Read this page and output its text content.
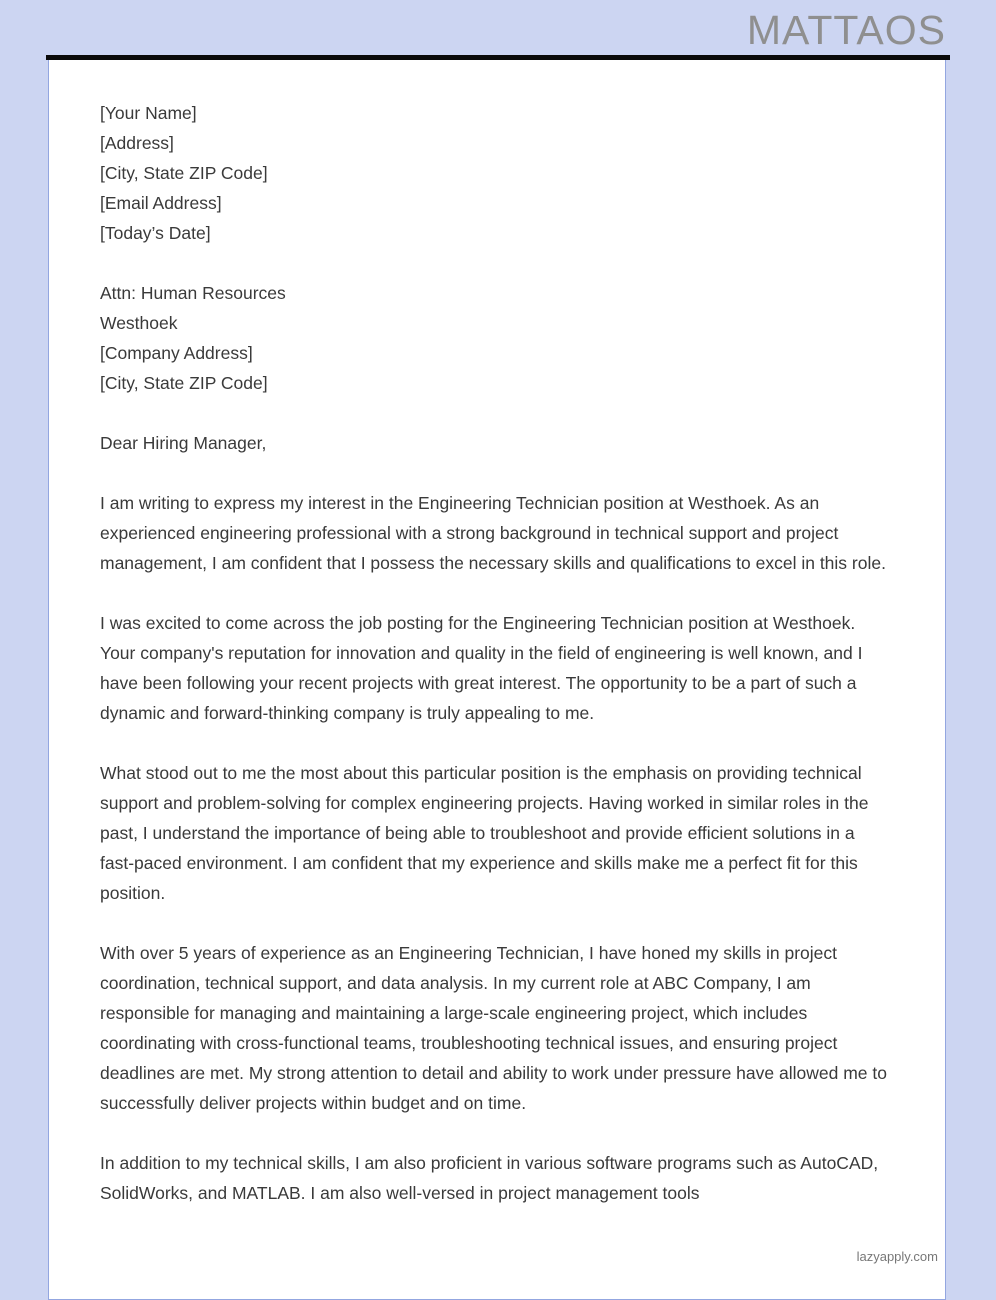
MATTAOS
[Your Name]
[Address]
[City, State ZIP Code]
[Email Address]
[Today’s Date]
Attn: Human Resources
Westhoek
[Company Address]
[City, State ZIP Code]
Dear Hiring Manager,

I am writing to express my interest in the Engineering Technician position at Westhoek. As an experienced engineering professional with a strong background in technical support and project management, I am confident that I possess the necessary skills and qualifications to excel in this role.

I was excited to come across the job posting for the Engineering Technician position at Westhoek. Your company's reputation for innovation and quality in the field of engineering is well known, and I have been following your recent projects with great interest. The opportunity to be a part of such a dynamic and forward-thinking company is truly appealing to me.

What stood out to me the most about this particular position is the emphasis on providing technical support and problem-solving for complex engineering projects. Having worked in similar roles in the past, I understand the importance of being able to troubleshoot and provide efficient solutions in a fast-paced environment. I am confident that my experience and skills make me a perfect fit for this position.

With over 5 years of experience as an Engineering Technician, I have honed my skills in project coordination, technical support, and data analysis. In my current role at ABC Company, I am responsible for managing and maintaining a large-scale engineering project, which includes coordinating with cross-functional teams, troubleshooting technical issues, and ensuring project deadlines are met. My strong attention to detail and ability to work under pressure have allowed me to successfully deliver projects within budget and on time.

In addition to my technical skills, I am also proficient in various software programs such as AutoCAD, SolidWorks, and MATLAB. I am also well-versed in project management tools

lazyapply.com
